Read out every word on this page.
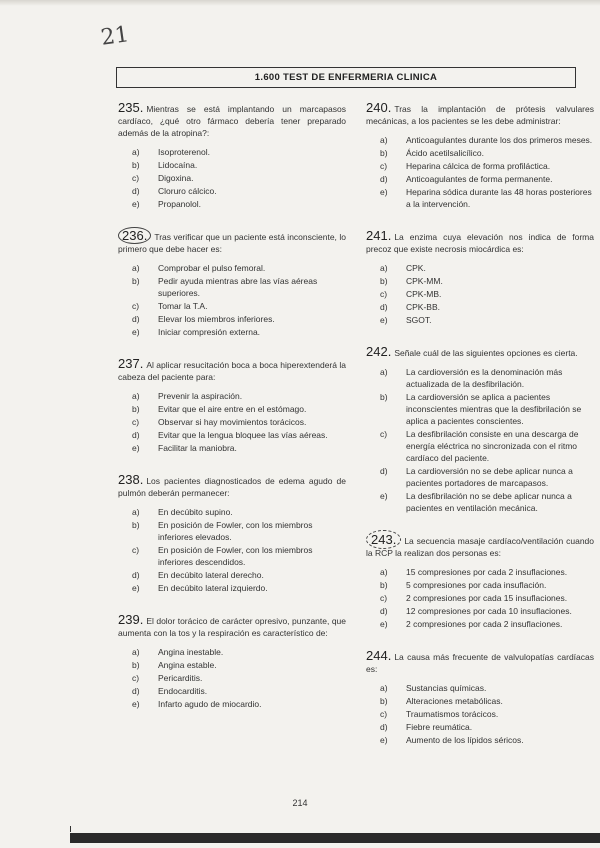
21
1.600 TEST DE ENFERMERIA CLINICA
235. Mientras se está implantando un marcapasos cardíaco, ¿qué otro fármaco debería tener preparado además de la atropina?:
a)	Isoproterenol.
b)	Lidocaína.
c)	Digoxina.
d)	Cloruro cálcico.
e)	Propanolol.
236. Tras verificar que un paciente está inconsciente, lo primero que debe hacer es:
a)	Comprobar el pulso femoral.
b)	Pedir ayuda mientras abre las vías aéreas superiores.
c)	Tomar la T.A.
d)	Elevar los miembros inferiores.
e)	Iniciar compresión externa.
237. Al aplicar resucitación boca a boca hiperextenderá la cabeza del paciente para:
a)	Prevenir la aspiración.
b)	Evitar que el aire entre en el estómago.
c)	Observar si hay movimientos torácicos.
d)	Evitar que la lengua bloquee las vías aéreas.
e)	Facilitar la maniobra.
238. Los pacientes diagnosticados de edema agudo de pulmón deberán permanecer:
a)	En decúbito supino.
b)	En posición de Fowler, con los miembros inferiores elevados.
c)	En posición de Fowler, con los miembros inferiores descendidos.
d)	En decúbito lateral derecho.
e)	En decúbito lateral izquierdo.
239. El dolor torácico de carácter opresivo, punzante, que aumenta con la tos y la respiración es característico de:
a)	Angina inestable.
b)	Angina estable.
c)	Pericarditis.
d)	Endocarditis.
e)	Infarto agudo de miocardio.
240. Tras la implantación de prótesis valvulares mecánicas, a los pacientes se les debe administrar:
a)	Anticoagulantes durante los dos primeros meses.
b)	Ácido acetilsalicílico.
c)	Heparina cálcica de forma profiláctica.
d)	Anticoagulantes de forma permanente.
e)	Heparina sódica durante las 48 horas posteriores a la intervención.
241. La enzima cuya elevación nos indica de forma precoz que existe necrosis miocárdica es:
a)	CPK.
b)	CPK-MM.
c)	CPK-MB.
d)	CPK-BB.
e)	SGOT.
242. Señale cuál de las siguientes opciones es cierta.
a)	La cardioversión es la denominación más actualizada de la desfibrilación.
b)	La cardioversión se aplica a pacientes inconscientes mientras que la desfibrilación se aplica a pacientes conscientes.
c)	La desfibrilación consiste en una descarga de energía eléctrica no sincronizada con el ritmo cardíaco del paciente.
d)	La cardioversión no se debe aplicar nunca a pacientes portadores de marcapasos.
e)	La desfibrilación no se debe aplicar nunca a pacientes en ventilación mecánica.
243. La secuencia masaje cardíaco/ventilación cuando la RCP la realizan dos personas es:
a)	15 compresiones por cada 2 insuflaciones.
b)	5 compresiones por cada insuflación.
c)	2 compresiones por cada 15 insuflaciones.
d)	12 compresiones por cada 10 insuflaciones.
e)	2 compresiones por cada 2 insuflaciones.
244. La causa más frecuente de valvulopatías cardíacas es:
a)	Sustancias químicas.
b)	Alteraciones metabólicas.
c)	Traumatismos torácicos.
d)	Fiebre reumática.
e)	Aumento de los lípidos séricos.
214
